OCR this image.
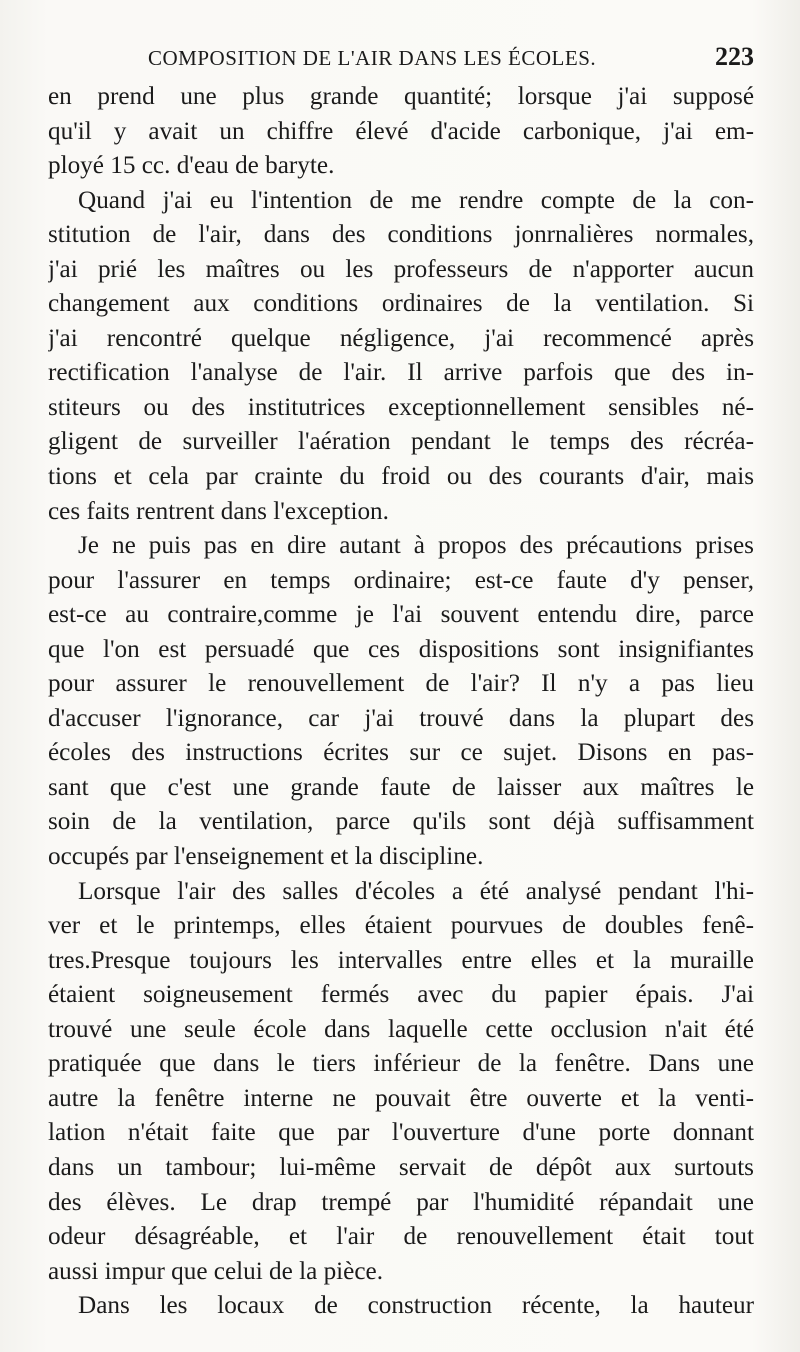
COMPOSITION DE L'AIR DANS LES ÉCOLES.	223
en prend une plus grande quantité; lorsque j'ai supposé
qu'il y avait un chiffre élevé d'acide carbonique, j'ai em-
ployé 15 cc. d'eau de baryte.
Quand j'ai eu l'intention de me rendre compte de la con-
stitution de l'air, dans des conditions jonrnalières normales,
j'ai prié les maîtres ou les professeurs de n'apporter aucun
changement aux conditions ordinaires de la ventilation. Si
j'ai rencontré quelque négligence, j'ai recommencé après
rectification l'analyse de l'air. Il arrive parfois que des in-
stiteurs ou des institutrices exceptionnellement sensibles né-
gligent de surveiller l'aération pendant le temps des récréa-
tions et cela par crainte du froid ou des courants d'air, mais
ces faits rentrent dans l'exception.
Je ne puis pas en dire autant à propos des précautions prises
pour l'assurer en temps ordinaire; est-ce faute d'y penser,
est-ce au contraire,comme je l'ai souvent entendu dire, parce
que l'on est persuadé que ces dispositions sont insignifiantes
pour assurer le renouvellement de l'air? Il n'y a pas lieu
d'accuser l'ignorance, car j'ai trouvé dans la plupart des
écoles des instructions écrites sur ce sujet. Disons en pas-
sant que c'est une grande faute de laisser aux maîtres le
soin de la ventilation, parce qu'ils sont déjà suffisamment
occupés par l'enseignement et la discipline.
Lorsque l'air des salles d'écoles a été analysé pendant l'hi-
ver et le printemps, elles étaient pourvues de doubles fenê-
tres.Presque toujours les intervalles entre elles et la muraille
étaient soigneusement fermés avec du papier épais. J'ai
trouvé une seule école dans laquelle cette occlusion n'ait été
pratiquée que dans le tiers inférieur de la fenêtre. Dans une
autre la fenêtre interne ne pouvait être ouverte et la venti-
lation n'était faite que par l'ouverture d'une porte donnant
dans un tambour; lui-même servait de dépôt aux surtouts
des élèves. Le drap trempé par l'humidité répandait une
odeur désagréable, et l'air de renouvellement était tout
aussi impur que celui de la pièce.
Dans les locaux de construction récente, la hauteur
